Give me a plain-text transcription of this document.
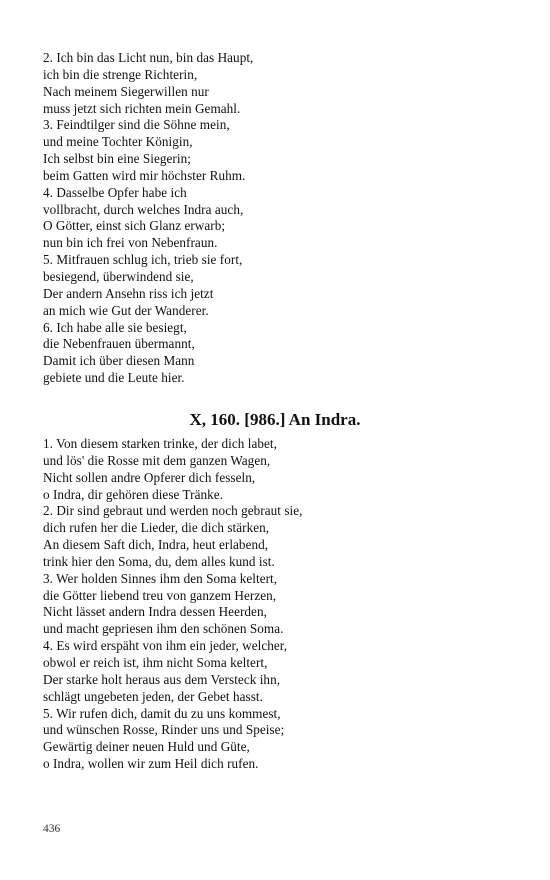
2. Ich bin das Licht nun, bin das Haupt,
ich bin die strenge Richterin,
Nach meinem Siegerwillen nur
muss jetzt sich richten mein Gemahl.
3. Feindtilger sind die Söhne mein,
und meine Tochter Königin,
Ich selbst bin eine Siegerin;
beim Gatten wird mir höchster Ruhm.
4. Dasselbe Opfer habe ich
vollbracht, durch welches Indra auch,
O Götter, einst sich Glanz erwarb;
nun bin ich frei von Nebenfraun.
5. Mitfrauen schlug ich, trieb sie fort,
besiegend, überwindend sie,
Der andern Ansehn riss ich jetzt
an mich wie Gut der Wanderer.
6. Ich habe alle sie besiegt,
die Nebenfrauen übermannt,
Damit ich über diesen Mann
gebiete und die Leute hier.
X, 160. [986.] An Indra.
1. Von diesem starken trinke, der dich labet,
und lös' die Rosse mit dem ganzen Wagen,
Nicht sollen andre Opferer dich fesseln,
o Indra, dir gehören diese Tränke.
2. Dir sind gebraut und werden noch gebraut sie,
dich rufen her die Lieder, die dich stärken,
An diesem Saft dich, Indra, heut erlabend,
trink hier den Soma, du, dem alles kund ist.
3. Wer holden Sinnes ihm den Soma keltert,
die Götter liebend treu von ganzem Herzen,
Nicht lässet andern Indra dessen Heerden,
und macht gepriesen ihm den schönen Soma.
4. Es wird erspäht von ihm ein jeder, welcher,
obwol er reich ist, ihm nicht Soma keltert,
Der starke holt heraus aus dem Versteck ihn,
schlägt ungebeten jeden, der Gebet hasst.
5. Wir rufen dich, damit du zu uns kommest,
und wünschen Rosse, Rinder uns und Speise;
Gewärtig deiner neuen Huld und Güte,
o Indra, wollen wir zum Heil dich rufen.
436
